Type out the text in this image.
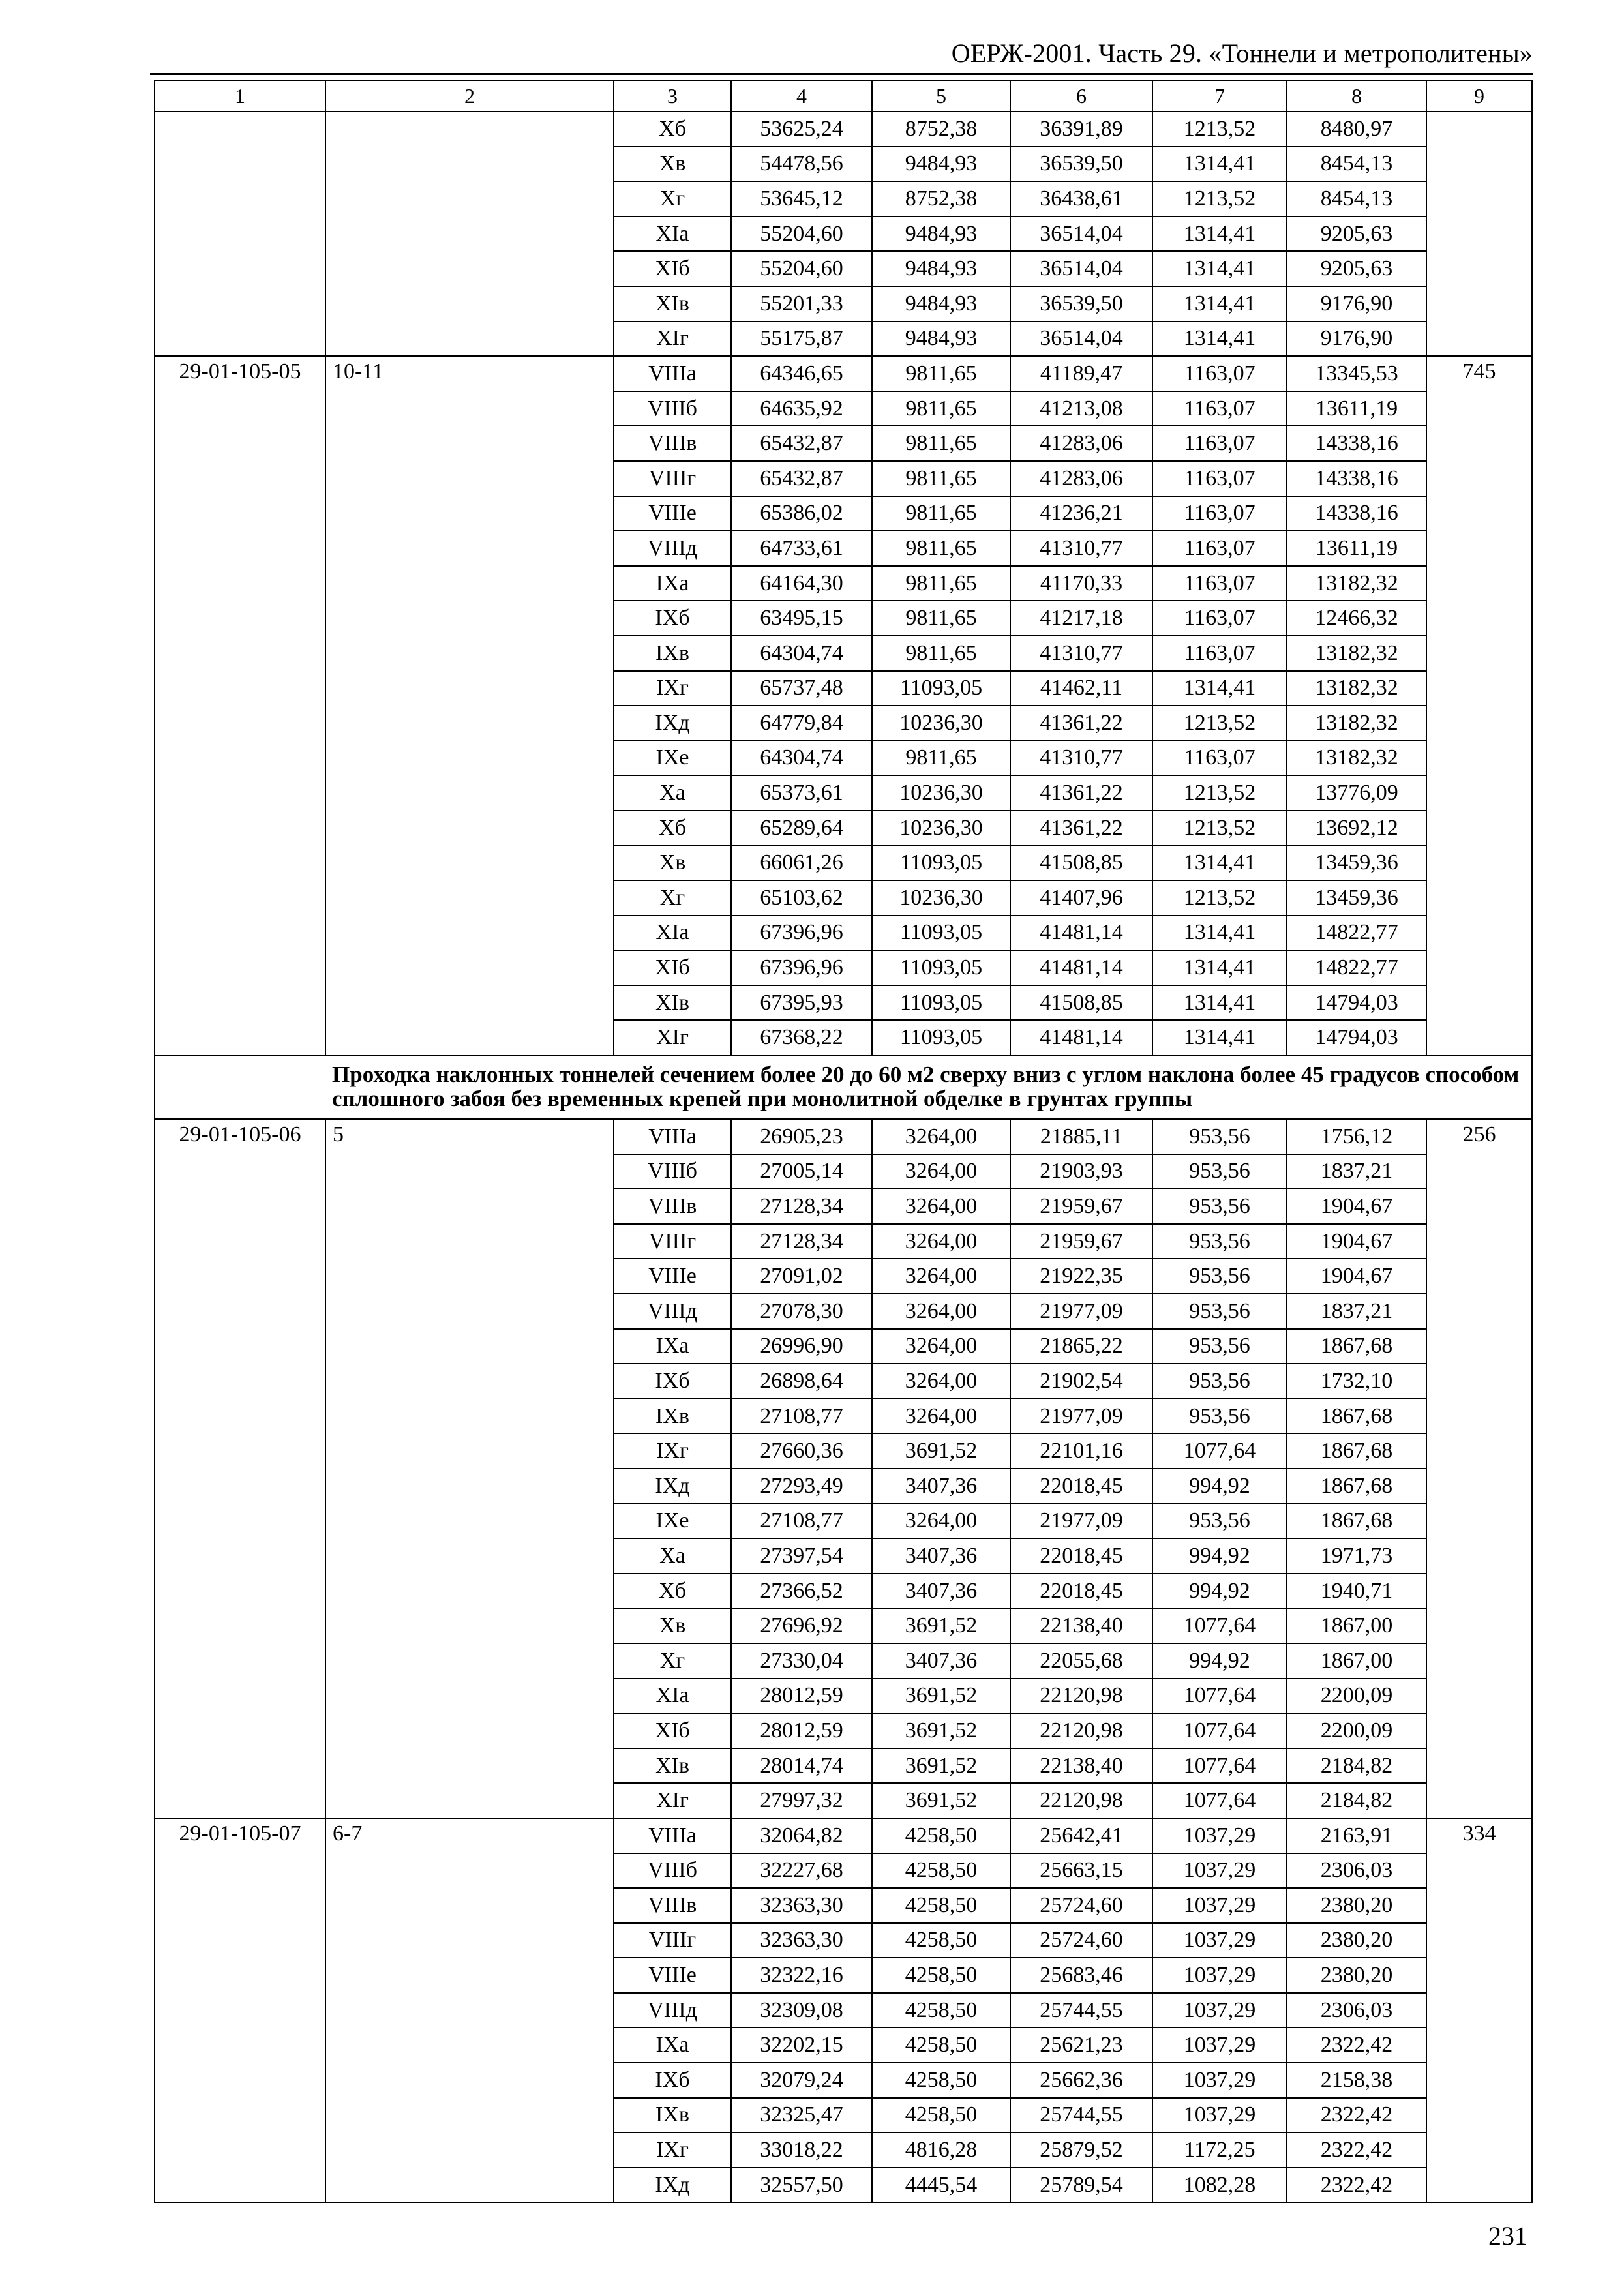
ОЕРЖ-2001. Часть 29. «Тоннели и метрополитены»
1	2	3	4	5	6	7	8	9
		Xб	53625,24	8752,38	36391,89	1213,52	8480,97	
		Xв	54478,56	9484,93	36539,50	1314,41	8454,13	
		Xг	53645,12	8752,38	36438,61	1213,52	8454,13	
		XIа	55204,60	9484,93	36514,04	1314,41	9205,63	
		XIб	55204,60	9484,93	36514,04	1314,41	9205,63	
		XIв	55201,33	9484,93	36539,50	1314,41	9176,90	
		XIг	55175,87	9484,93	36514,04	1314,41	9176,90	
29-01-105-05	10-11	VIIIа	64346,65	9811,65	41189,47	1163,07	13345,53	745
		VIIIб	64635,92	9811,65	41213,08	1163,07	13611,19	
		VIIIв	65432,87	9811,65	41283,06	1163,07	14338,16	
		VIIIг	65432,87	9811,65	41283,06	1163,07	14338,16	
		VIIIе	65386,02	9811,65	41236,21	1163,07	14338,16	
		VIIIд	64733,61	9811,65	41310,77	1163,07	13611,19	
		IXа	64164,30	9811,65	41170,33	1163,07	13182,32	
		IXб	63495,15	9811,65	41217,18	1163,07	12466,32	
		IXв	64304,74	9811,65	41310,77	1163,07	13182,32	
		IXг	65737,48	11093,05	41462,11	1314,41	13182,32	
		IXд	64779,84	10236,30	41361,22	1213,52	13182,32	
		IXе	64304,74	9811,65	41310,77	1163,07	13182,32	
		Xа	65373,61	10236,30	41361,22	1213,52	13776,09	
		Xб	65289,64	10236,30	41361,22	1213,52	13692,12	
		Xв	66061,26	11093,05	41508,85	1314,41	13459,36	
		Xг	65103,62	10236,30	41407,96	1213,52	13459,36	
		XIа	67396,96	11093,05	41481,14	1314,41	14822,77	
		XIб	67396,96	11093,05	41481,14	1314,41	14822,77	
		XIв	67395,93	11093,05	41508,85	1314,41	14794,03	
		XIг	67368,22	11093,05	41481,14	1314,41	14794,03	
	Проходка наклонных тоннелей сечением более 20 до 60 м2 сверху вниз с углом наклона более 45 градусов способом сплошного забоя без временных крепей при монолитной обделке в грунтах группы							
29-01-105-06	5	VIIIа	26905,23	3264,00	21885,11	953,56	1756,12	256
		VIIIб	27005,14	3264,00	21903,93	953,56	1837,21	
		VIIIв	27128,34	3264,00	21959,67	953,56	1904,67	
		VIIIг	27128,34	3264,00	21959,67	953,56	1904,67	
		VIIIе	27091,02	3264,00	21922,35	953,56	1904,67	
		VIIIд	27078,30	3264,00	21977,09	953,56	1837,21	
		IXа	26996,90	3264,00	21865,22	953,56	1867,68	
		IXб	26898,64	3264,00	21902,54	953,56	1732,10	
		IXв	27108,77	3264,00	21977,09	953,56	1867,68	
		IXг	27660,36	3691,52	22101,16	1077,64	1867,68	
		IXд	27293,49	3407,36	22018,45	994,92	1867,68	
		IXе	27108,77	3264,00	21977,09	953,56	1867,68	
		Xа	27397,54	3407,36	22018,45	994,92	1971,73	
		Xб	27366,52	3407,36	22018,45	994,92	1940,71	
		Xв	27696,92	3691,52	22138,40	1077,64	1867,00	
		Xг	27330,04	3407,36	22055,68	994,92	1867,00	
		XIа	28012,59	3691,52	22120,98	1077,64	2200,09	
		XIб	28012,59	3691,52	22120,98	1077,64	2200,09	
		XIв	28014,74	3691,52	22138,40	1077,64	2184,82	
		XIг	27997,32	3691,52	22120,98	1077,64	2184,82	
29-01-105-07	6-7	VIIIа	32064,82	4258,50	25642,41	1037,29	2163,91	334
		VIIIб	32227,68	4258,50	25663,15	1037,29	2306,03	
		VIIIв	32363,30	4258,50	25724,60	1037,29	2380,20	
		VIIIг	32363,30	4258,50	25724,60	1037,29	2380,20	
		VIIIе	32322,16	4258,50	25683,46	1037,29	2380,20	
		VIIIд	32309,08	4258,50	25744,55	1037,29	2306,03	
		IXа	32202,15	4258,50	25621,23	1037,29	2322,42	
		IXб	32079,24	4258,50	25662,36	1037,29	2158,38	
		IXв	32325,47	4258,50	25744,55	1037,29	2322,42	
		IXг	33018,22	4816,28	25879,52	1172,25	2322,42	
		IXд	32557,50	4445,54	25789,54	1082,28	2322,42	
231
